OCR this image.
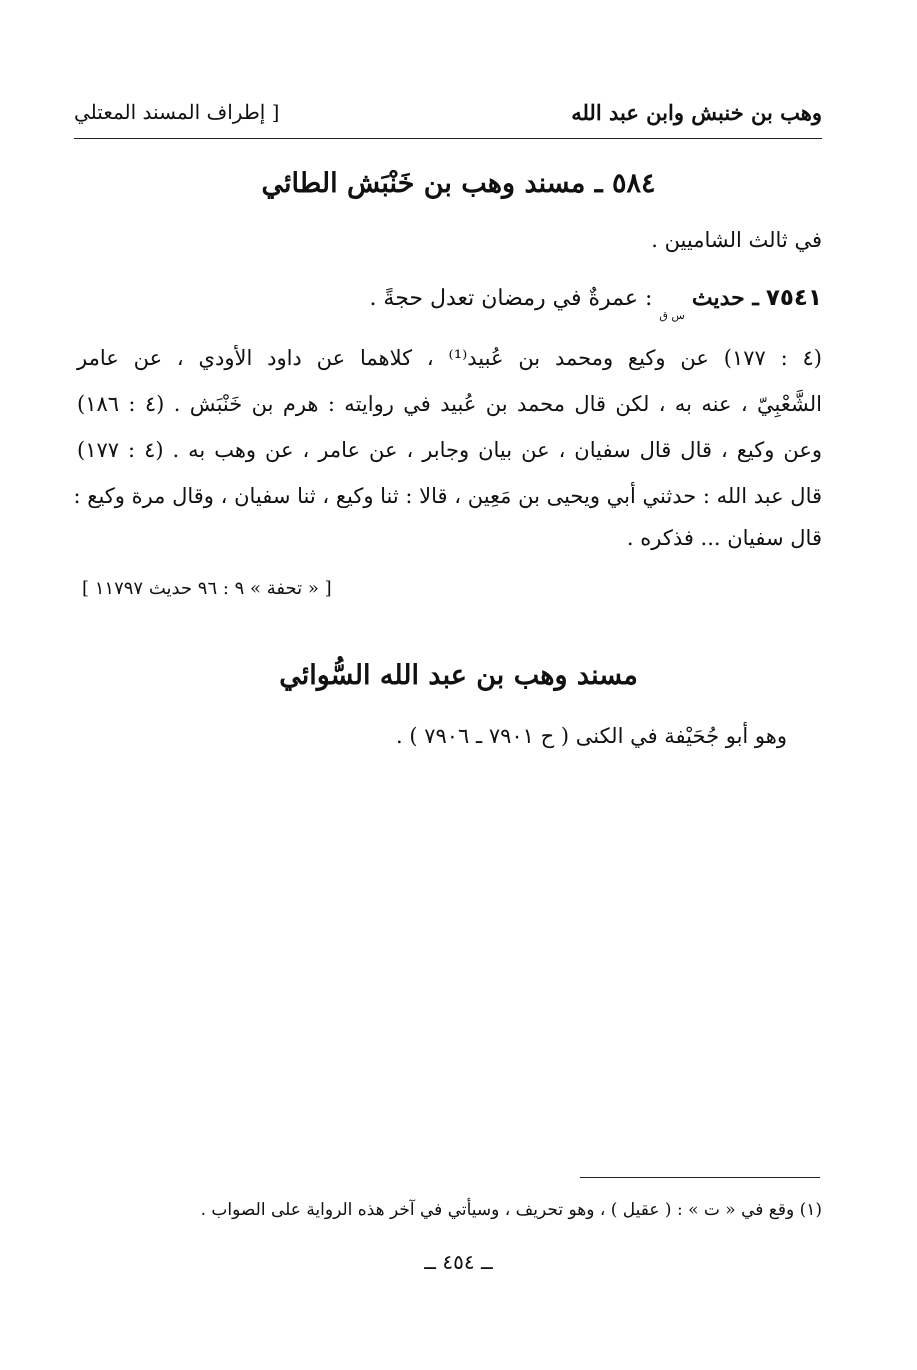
وهب بن خنبش وابن عبد الله
[ إطراف المسند المعتلي
٥٨٤ ـ مسند وهب بن خَنْبَش الطائي
في ثالث الشاميين .
٧٥٤١ ـ حديث $_{س ق}$ : عمرةٌ في رمضان تعدل حجةً .
(٤ : ١٧٧) عن وكيع ومحمد بن عُبيد⁽¹⁾ ، كلاهما عن داود الأودي ، عن عامر
الشَّعْبِيّ ، عنه به ، لكن قال محمد بن عُبيد في روايته : هرم بن خَنْبَش . (٤ : ١٨٦)
وعن وكيع ، قال قال سفيان ، عن بيان وجابر ، عن عامر ، عن وهب به . (٤ : ١٧٧)
قال عبد الله : حدثني أبي ويحيى بن مَعِين ، قالا : ثنا وكيع ، ثنا سفيان ، وقال مرة وكيع :
قال سفيان ... فذكره .
[ « تحفة » ٩ : ٩٦ حديث ١١٧٩٧ ]
مسند وهب بن عبد الله السُّوائي
وهو أبو جُحَيْفة في الكنى ( ح ٧٩٠١ ـ ٧٩٠٦ ) .
(١) وقع في « ت » : ( عقيل ) ، وهو تحريف ، وسيأتي في آخر هذه الرواية على الصواب .
ــ ٤٥٤ ــ
